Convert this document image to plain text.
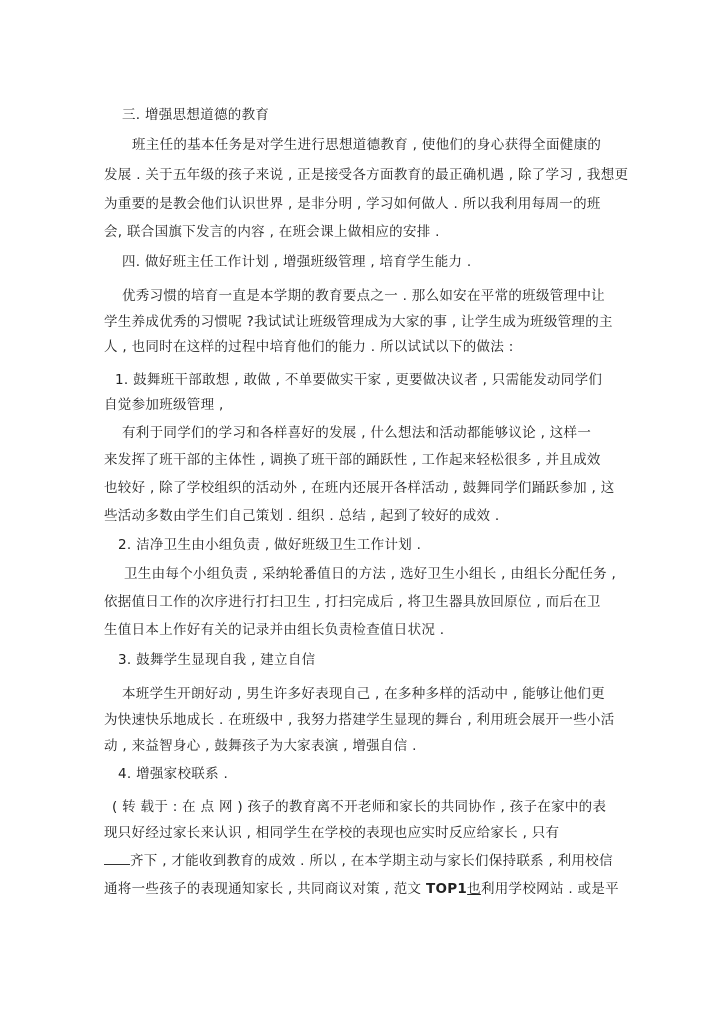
三. 增强思想道德的教育
班主任的基本任务是对学生进行思想道德教育 , 使他们的身心获得全面健康的
发展 . 关于五年级的孩子来说 , 正是接受各方面教育的最正确机遇 , 除了学习 , 我想更
为重要的是教会他们认识世界 , 是非分明 , 学习如何做人 . 所以我利用每周一的班
会, 联合国旗下发言的内容 , 在班会课上做相应的安排 .
四. 做好班主任工作计划 , 增强班级管理 , 培育学生能力 .
优秀习惯的培育一直是本学期的教育要点之一 . 那么如安在平常的班级管理中让
学生养成优秀的习惯呢 ?我试试让班级管理成为大家的事 , 让学生成为班级管理的主
人 , 也同时在这样的过程中培育他们的能力 . 所以试试以下的做法 :
1. 鼓舞班干部敢想 , 敢做 , 不单要做实干家 , 更要做决议者 , 只需能发动同学们
自觉参加班级管理 ,
有利于同学们的学习和各样喜好的发展 , 什么想法和活动都能够议论 , 这样一
来发挥了班干部的主体性 , 调换了班干部的踊跃性 , 工作起来轻松很多 , 并且成效
也较好 , 除了学校组织的活动外 , 在班内还展开各样活动 , 鼓舞同学们踊跃参加 , 这
些活动多数由学生们自己策划 . 组织 . 总结 , 起到了较好的成效 .
2. 洁净卫生由小组负责 , 做好班级卫生工作计划 .
卫生由每个小组负责 , 采纳轮番值日的方法 , 选好卫生小组长 , 由组长分配任务 ,
依据值日工作的次序进行打扫卫生 , 打扫完成后 , 将卫生器具放回原位 , 而后在卫
生值日本上作好有关的记录并由组长负责检查值日状况 .
3. 鼓舞学生显现自我 , 建立自信
本班学生开朗好动 , 男生许多好表现自己 , 在多种多样的活动中 , 能够让他们更
为快速快乐地成长 . 在班级中 , 我努力搭建学生显现的舞台 , 利用班会展开一些小活
动 , 来益智身心 , 鼓舞孩子为大家表演 , 增强自信 .
4. 增强家校联系 .
( 转 载于 : 在 点 网 ) 孩子的教育离不开老师和家长的共同协作 , 孩子在家中的表
现只好经过家长来认识 , 相同学生在学校的表现也应实时反应给家长 , 只有
齐下 , 才能收到教育的成效 . 所以 , 在本学期主动与家长们保持联系 , 利用校信
通将一些孩子的表现通知家长 , 共同商议对策 , 范文 TOP1也利用学校网站 . 或是平
